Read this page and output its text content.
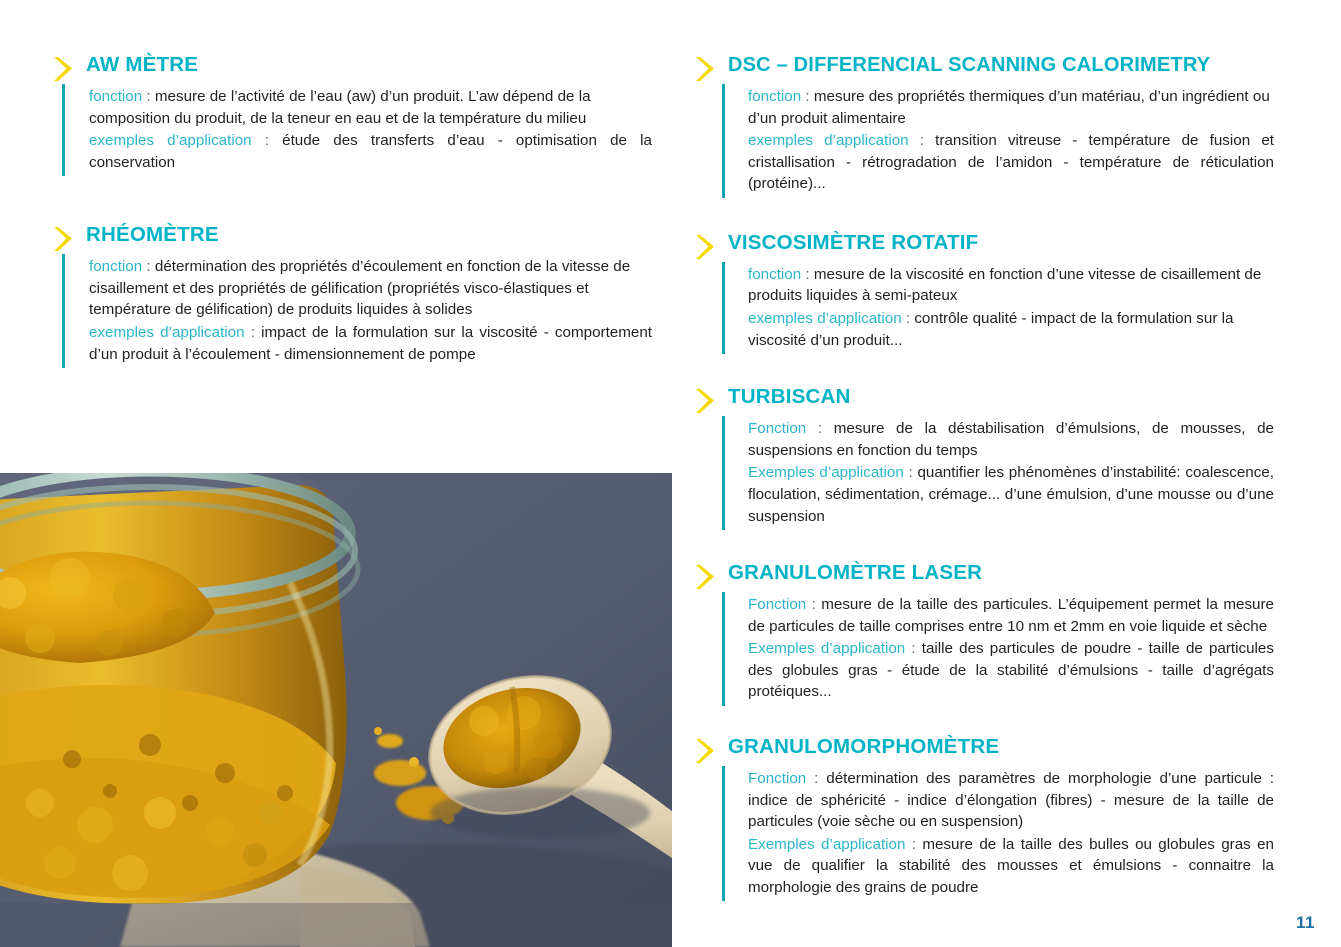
AW MÈTRE

fonction : mesure de l’activité de l’eau (aw) d’un produit. L’aw dépend de la composition du produit, de la teneur en eau et de la température du milieu

exemples d’application : étude des transferts d’eau - optimisation de la conservation

RHÉOMÈTRE

fonction : détermination des propriétés d’écoulement en fonction de la vitesse de cisaillement et des propriétés de gélification (propriétés visco-élastiques et température de gélification) de produits liquides à solides

exemples d’application : impact de la formulation sur la viscosité - comportement d’un produit à l’écoulement - dimensionnement de pompe

DSC – DIFFERENCIAL SCANNING CALORIMETRY

fonction : mesure des propriétés thermiques d’un matériau, d’un ingrédient ou d’un produit alimentaire

exemples d’application : transition vitreuse - température de fusion et cristallisation - rétrogradation de l’amidon - température de réticulation (protéine)...

VISCOSIMÈTRE ROTATIF

fonction : mesure de la viscosité en fonction d’une vitesse de cisaillement de produits liquides à semi-pateux

exemples d’application : contrôle qualité - impact de la formulation sur la viscosité d’un produit...

TURBISCAN

Fonction : mesure de la déstabilisation d’émulsions, de mousses, de suspensions en fonction du temps

Exemples d’application : quantifier les phénomènes d’instabilité: coalescence, floculation, sédimentation, crémage... d’une émulsion, d’une mousse ou d’une suspension

GRANULOMÈTRE LASER

Fonction : mesure de la taille des particules. L’équipement permet la mesure de particules de taille comprises entre 10 nm et 2mm en voie liquide et sèche

Exemples d’application : taille des particules de poudre - taille de particules des globules gras - étude de la stabilité d’émulsions - taille d’agrégats protéiques...

GRANULOMORPHOMÈTRE

Fonction : détermination des paramètres de morphologie d’une particule : indice de sphéricité - indice d’élongation (fibres) - mesure de la taille de particules (voie sèche ou en suspension)

Exemples d’application : mesure de la taille des bulles ou globules gras en vue de qualifier la stabilité des mousses et émulsions - connaitre la morphologie des grains de poudre

11
